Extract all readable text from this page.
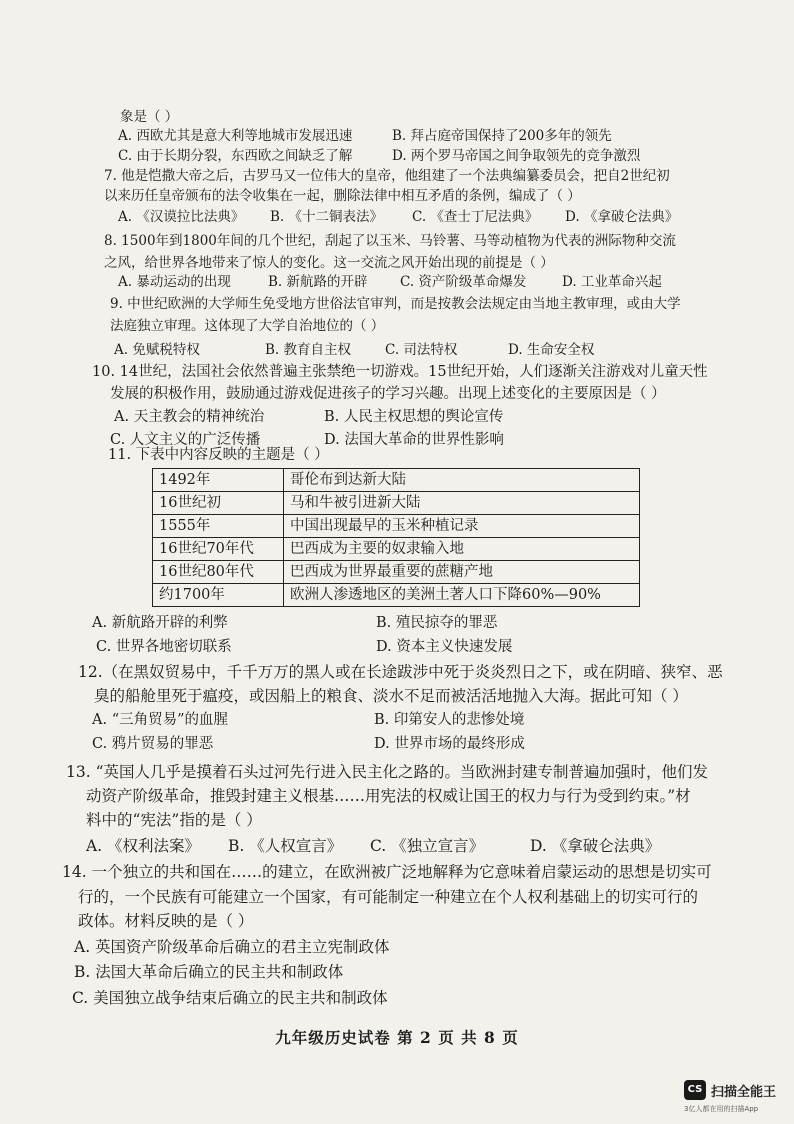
象是（ ）
A. 西欧尤其是意大利等地城市发展迅速	B. 拜占庭帝国保持了200多年的领先
C. 由于长期分裂，东西欧之间缺乏了解	D. 两个罗马帝国之间争取领先的竞争激烈
7. 他是恺撒大帝之后，古罗马又一位伟大的皇帝，他组建了一个法典编纂委员会，把自2世纪初
以来历任皇帝颁布的法令收集在一起，删除法律中相互矛盾的条例，编成了（ ）
A. 《汉谟拉比法典》 B. 《十二铜表法》 C. 《查士丁尼法典》 D. 《拿破仑法典》
8. 1500年到1800年间的几个世纪，刮起了以玉米、马铃薯、马等动植物为代表的洲际物种交流
之风，给世界各地带来了惊人的变化。这一交流之风开始出现的前提是（ ）
A. 暴动运动的出现	B. 新航路的开辟 C. 资产阶级革命爆发	D. 工业革命兴起
9. 中世纪欧洲的大学师生免受地方世俗法官审判，而是按教会法规定由当地主教审理，或由大学
法庭独立审理。这体现了大学自治地位的（ ）
A. 免赋税特权	B. 教育自主权	C. 司法特权	D. 生命安全权
10. 14世纪，法国社会依然普遍主张禁绝一切游戏。15世纪开始，人们逐渐关注游戏对儿童天性
发展的积极作用，鼓励通过游戏促进孩子的学习兴趣。出现上述变化的主要原因是（ ）
A. 天主教会的精神统治	B. 人民主权思想的舆论宣传
C. 人文主义的广泛传播	D. 法国大革命的世界性影响
11. 下表中内容反映的主题是（ ）
1492年	哥伦布到达新大陆
16世纪初	马和牛被引进新大陆
1555年	中国出现最早的玉米种植记录
16世纪70年代	巴西成为主要的奴隶输入地
16世纪80年代	巴西成为世界最重要的蔗糖产地
约1700年	欧洲人渗透地区的美洲土著人口下降60%—90%
A. 新航路开辟的利弊	B. 殖民掠夺的罪恶
C. 世界各地密切联系	D. 资本主义快速发展
12.（在黑奴贸易中，千千万万的黑人或在长途跋涉中死于炎炎烈日之下，或在阴暗、狭窄、恶
臭的船舱里死于瘟疫，或因船上的粮食、淡水不足而被活活地抛入大海。据此可知（ ）
A. “三角贸易”的血腥	B. 印第安人的悲惨处境
C. 鸦片贸易的罪恶	D. 世界市场的最终形成
13. “英国人几乎是摸着石头过河先行进入民主化之路的。当欧洲封建专制普遍加强时，他们发
动资产阶级革命，推毁封建主义根基……用宪法的权威让国王的权力与行为受到约束。”材
料中的“宪法”指的是（ ）
A. 《权利法案》 B. 《人权宣言》 C. 《独立宣言》	D. 《拿破仑法典》
14. 一个独立的共和国在……的建立，在欧洲被广泛地解释为它意味着启蒙运动的思想是切实可
行的，一个民族有可能建立一个国家，有可能制定一种建立在个人权利基础上的切实可行的
政体。材料反映的是（ ）
A. 英国资产阶级革命后确立的君主立宪制政体
B. 法国大革命后确立的民主共和制政体
C. 美国独立战争结束后确立的民主共和制政体
九年级历史试卷 第 2 页 共 8 页
CS 扫描全能王
3亿人都在用的扫描App
